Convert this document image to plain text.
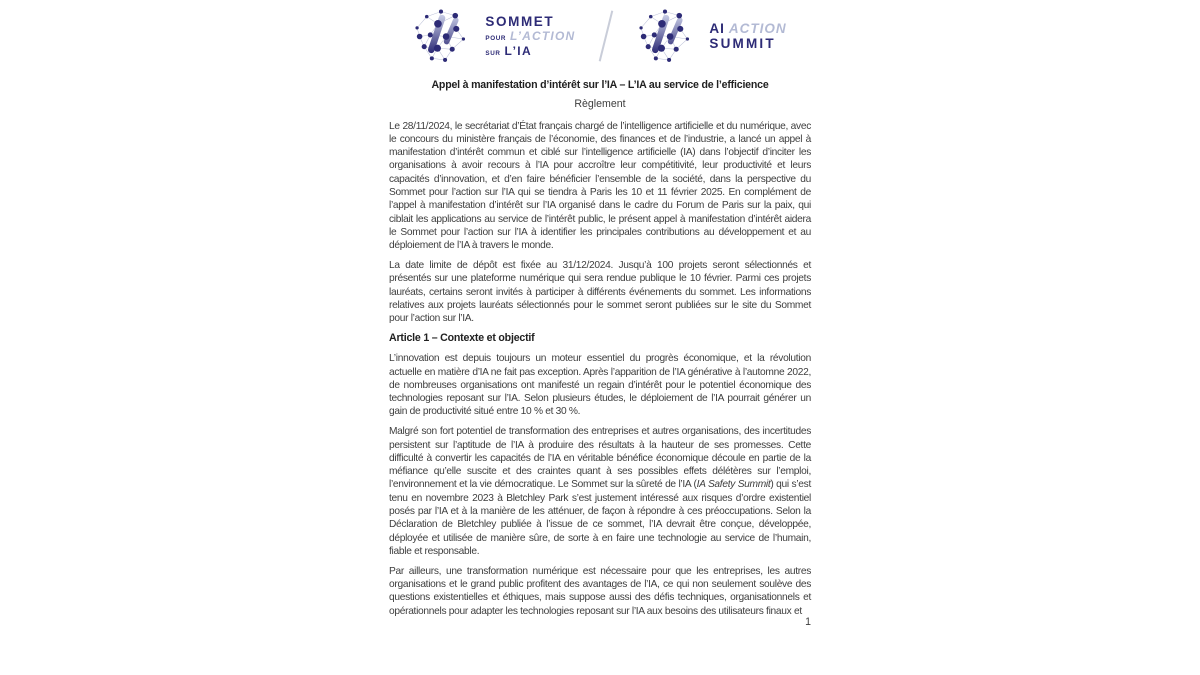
SOMMET
POUR L’ACTION
SUR L’IA
AI ACTION
SUMMIT
Appel à manifestation d’intérêt sur l’IA – L’IA au service de l’efficience
Règlement

Le 28/11/2024, le secrétariat d’État français chargé de l’intelligence artificielle et du numérique, avec le concours du ministère français de l’économie, des finances et de l’industrie, a lancé un appel à manifestation d’intérêt commun et ciblé sur l’intelligence artificielle (IA) dans l’objectif d’inciter les organisations à avoir recours à l’IA pour accroître leur compétitivité, leur productivité et leurs capacités d’innovation, et d’en faire bénéficier l’ensemble de la société, dans la perspective du Sommet pour l’action sur l’IA qui se tiendra à Paris les 10 et 11 février 2025. En complément de l’appel à manifestation d’intérêt sur l’IA organisé dans le cadre du Forum de Paris sur la paix, qui ciblait les applications au service de l’intérêt public, le présent appel à manifestation d’intérêt aidera le Sommet pour l’action sur l’IA à identifier les principales contributions au développement et au déploiement de l’IA à travers le monde.

La date limite de dépôt est fixée au 31/12/2024. Jusqu’à 100 projets seront sélectionnés et présentés sur une plateforme numérique qui sera rendue publique le 10 février. Parmi ces projets lauréats, certains seront invités à participer à différents événements du sommet. Les informations relatives aux projets lauréats sélectionnés pour le sommet seront publiées sur le site du Sommet pour l’action sur l’IA.

Article 1 – Contexte et objectif

L’innovation est depuis toujours un moteur essentiel du progrès économique, et la révolution actuelle en matière d’IA ne fait pas exception. Après l’apparition de l’IA générative à l’automne 2022, de nombreuses organisations ont manifesté un regain d’intérêt pour le potentiel économique des technologies reposant sur l’IA. Selon plusieurs études, le déploiement de l’IA pourrait générer un gain de productivité situé entre 10 % et 30 %.

Malgré son fort potentiel de transformation des entreprises et autres organisations, des incertitudes persistent sur l’aptitude de l’IA à produire des résultats à la hauteur de ses promesses. Cette difficulté à convertir les capacités de l’IA en véritable bénéfice économique découle en partie de la méfiance qu’elle suscite et des craintes quant à ses possibles effets délétères sur l’emploi, l’environnement et la vie démocratique. Le Sommet sur la sûreté de l’IA (IA Safety Summit) qui s’est tenu en novembre 2023 à Bletchley Park s’est justement intéressé aux risques d’ordre existentiel posés par l’IA et à la manière de les atténuer, de façon à répondre à ces préoccupations. Selon la Déclaration de Bletchley publiée à l’issue de ce sommet, l’IA devrait être conçue, développée, déployée et utilisée de manière sûre, de sorte à en faire une technologie au service de l’humain, fiable et responsable.

Par ailleurs, une transformation numérique est nécessaire pour que les entreprises, les autres organisations et le grand public profitent des avantages de l’IA, ce qui non seulement soulève des questions existentielles et éthiques, mais suppose aussi des défis techniques, organisationnels et opérationnels pour adapter les technologies reposant sur l’IA aux besoins des utilisateurs finaux et

1
